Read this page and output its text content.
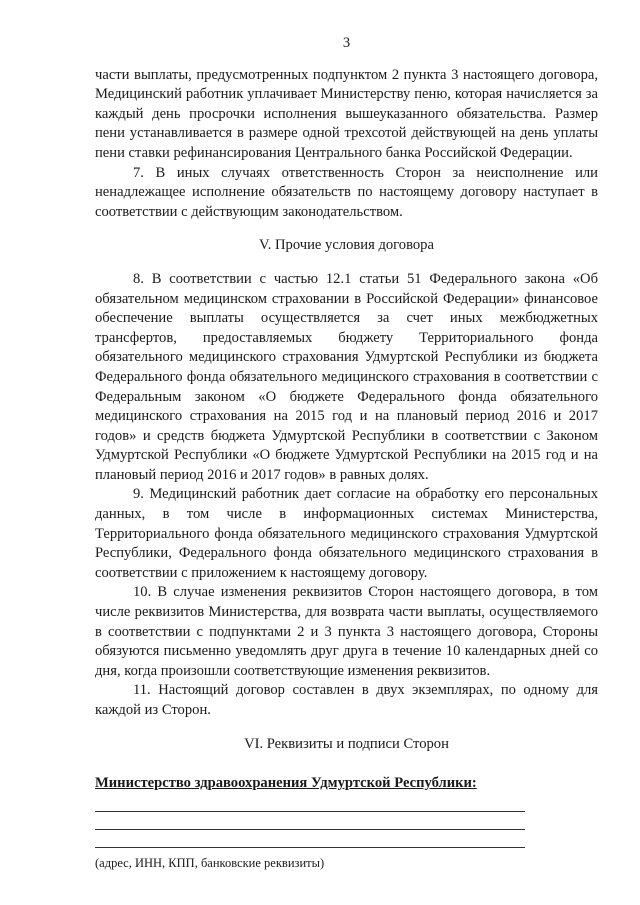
3

части выплаты, предусмотренных подпунктом 2 пункта 3 настоящего договора, Медицинский работник уплачивает Министерству пеню, которая начисляется за каждый день просрочки исполнения вышеуказанного обязательства. Размер пени устанавливается в размере одной трехсотой действующей на день уплаты пени ставки рефинансирования Центрального банка Российской Федерации.

7. В иных случаях ответственность Сторон за неисполнение или ненадлежащее исполнение обязательств по настоящему договору наступает в соответствии с действующим законодательством.

V. Прочие условия договора

8. В соответствии с частью 12.1 статьи 51 Федерального закона «Об обязательном медицинском страховании в Российской Федерации» финансовое обеспечение выплаты осуществляется за счет иных межбюджетных трансфертов, предоставляемых бюджету Территориального фонда обязательного медицинского страхования Удмуртской Республики из бюджета Федерального фонда обязательного медицинского страхования в соответствии с Федеральным законом «О бюджете Федерального фонда обязательного медицинского страхования на 2015 год и на плановый период 2016 и 2017 годов» и средств бюджета Удмуртской Республики в соответствии с Законом Удмуртской Республики «О бюджете Удмуртской Республики на 2015 год и на плановый период 2016 и 2017 годов» в равных долях.

9. Медицинский работник дает согласие на обработку его персональных данных, в том числе в информационных системах Министерства, Территориального фонда обязательного медицинского страхования Удмуртской Республики, Федерального фонда обязательного медицинского страхования в соответствии с приложением к настоящему договору.

10. В случае изменения реквизитов Сторон настоящего договора, в том числе реквизитов Министерства, для возврата части выплаты, осуществляемого в соответствии с подпунктами 2 и 3 пункта 3 настоящего договора, Стороны обязуются письменно уведомлять друг друга в течение 10 календарных дней со дня, когда произошли соответствующие изменения реквизитов.

11. Настоящий договор составлен в двух экземплярах, по одному для каждой из Сторон.

VI. Реквизиты и подписи Сторон
Министерство здравоохранения Удмуртской Республики:
(адрес, ИНН, КПП, банковские реквизиты)
